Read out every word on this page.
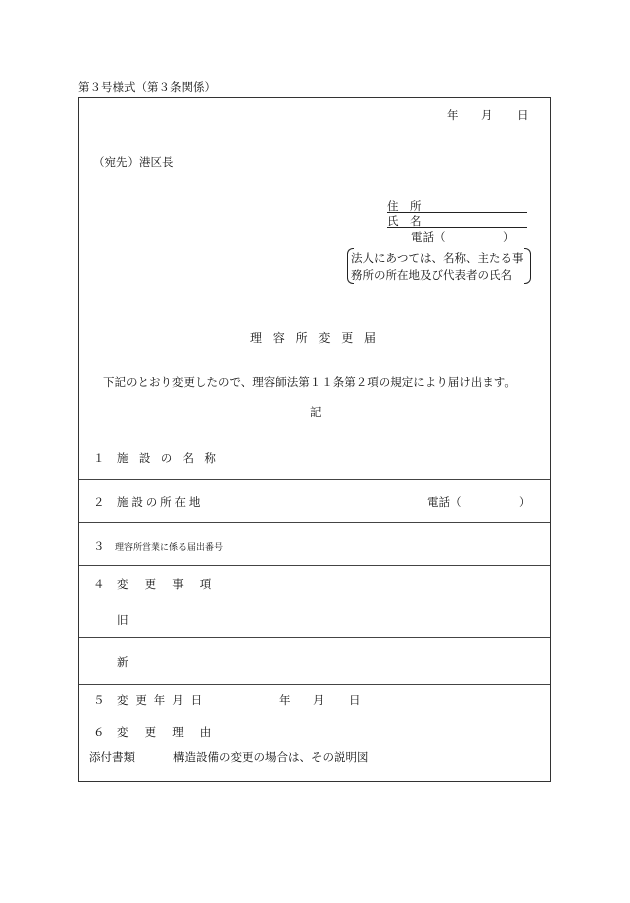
第３号様式（第３条関係）
年 月 日
（宛先）港区長
住　所
氏　名
電話（　　　　　）
法人にあつては、名称、主たる事
務所の所在地及び代表者の氏名
理容所変更届
下記のとおり変更したので、理容師法第１１条第２項の規定により届け出ます。
記
１ 施設の名称
２ 施設の所在地	電話（　　　　　）
３ 理容所営業に係る届出番号
４ 変更事項
旧
新
５ 変更年月日	年 月 日
６ 変更理由
添付書類	構造設備の変更の場合は、その説明図
